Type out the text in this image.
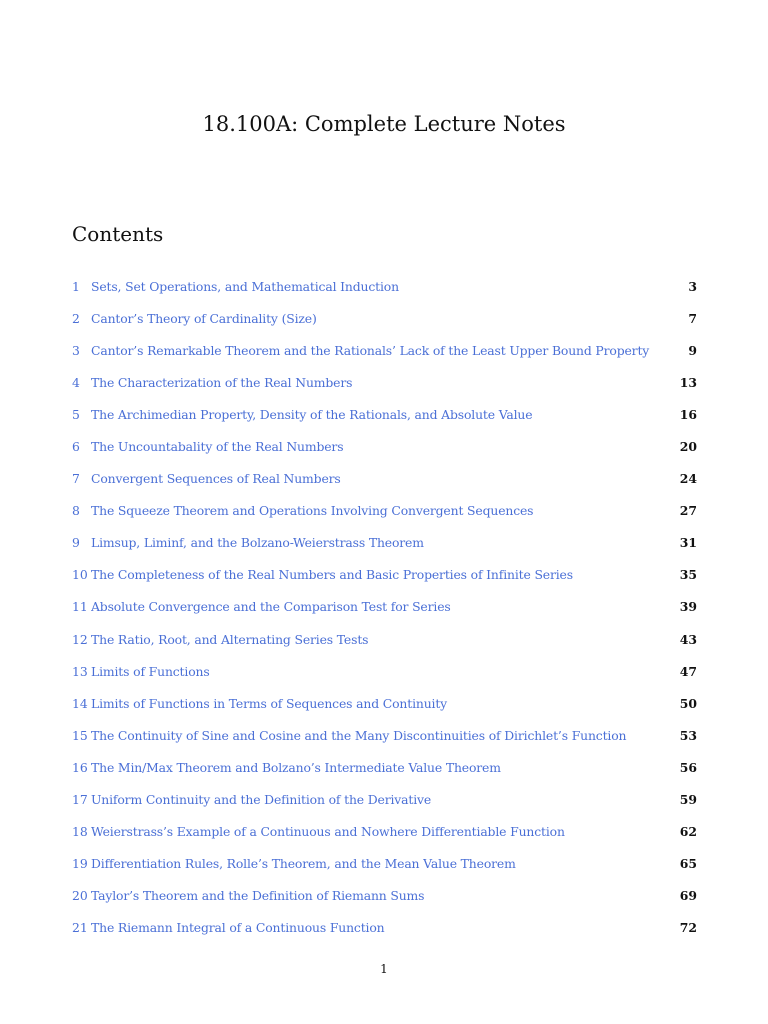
18.100A: Complete Lecture Notes
Contents
1 Sets, Set Operations, and Mathematical Induction	3
2 Cantor’s Theory of Cardinality (Size)	7
3 Cantor’s Remarkable Theorem and the Rationals’ Lack of the Least Upper Bound Property	9
4 The Characterization of the Real Numbers	13
5 The Archimedian Property, Density of the Rationals, and Absolute Value	16
6 The Uncountabality of the Real Numbers	20
7 Convergent Sequences of Real Numbers	24
8 The Squeeze Theorem and Operations Involving Convergent Sequences	27
9 Limsup, Liminf, and the Bolzano-Weierstrass Theorem	31
10 The Completeness of the Real Numbers and Basic Properties of Infinite Series	35
11 Absolute Convergence and the Comparison Test for Series	39
12 The Ratio, Root, and Alternating Series Tests	43
13 Limits of Functions	47
14 Limits of Functions in Terms of Sequences and Continuity	50
15 The Continuity of Sine and Cosine and the Many Discontinuities of Dirichlet’s Function	53
16 The Min/Max Theorem and Bolzano’s Intermediate Value Theorem	56
17 Uniform Continuity and the Definition of the Derivative	59
18 Weierstrass’s Example of a Continuous and Nowhere Differentiable Function	62
19 Differentiation Rules, Rolle’s Theorem, and the Mean Value Theorem	65
20 Taylor’s Theorem and the Definition of Riemann Sums	69
21 The Riemann Integral of a Continuous Function	72
1
